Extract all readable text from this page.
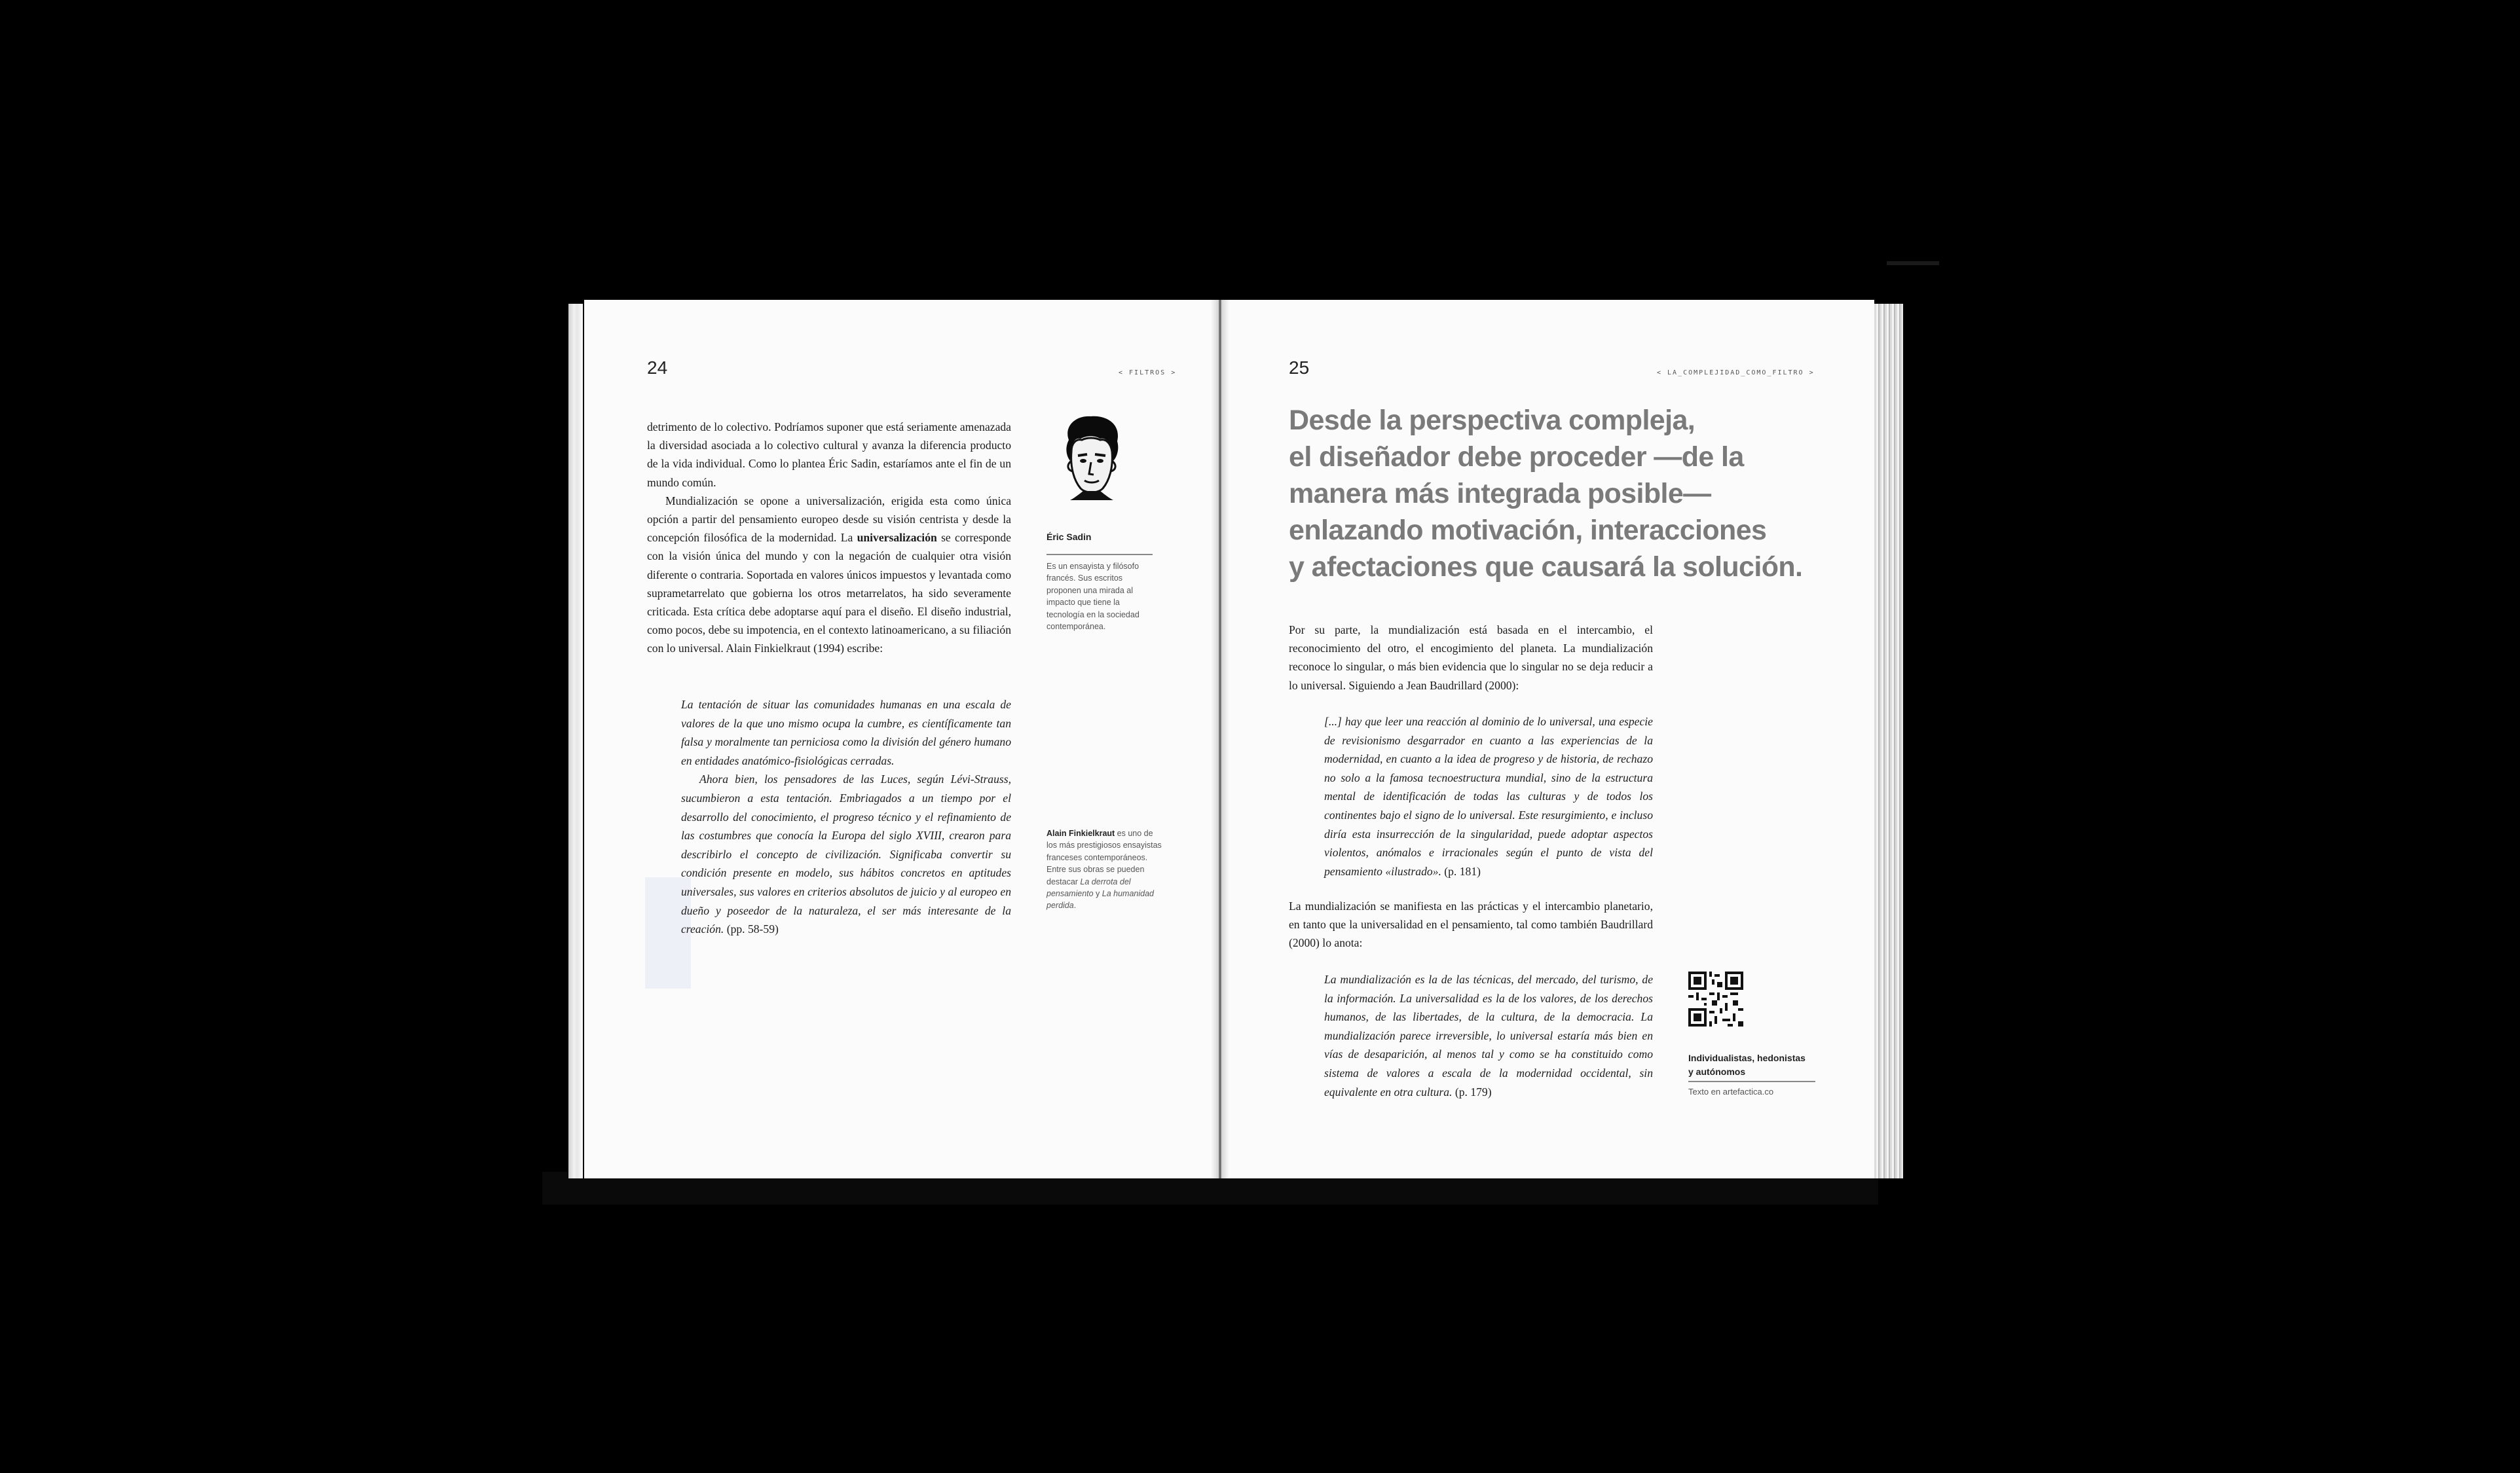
24	< FILTROS >

detrimento de lo colectivo. Podríamos suponer que está seriamente amenazada la diversidad asociada a lo colectivo cultural y avanza la diferencia producto de la vida individual. Como lo plantea Éric Sadin, estaríamos ante el fin de un mundo común.

Mundialización se opone a universalización, erigida esta como única opción a partir del pensamiento europeo desde su visión centrista y desde la concepción filosófica de la modernidad. La universalización se corresponde con la visión única del mundo y con la negación de cualquier otra visión diferente o contraria. Soportada en valores únicos impuestos y levantada como suprametarrelato que gobierna los otros metarrelatos, ha sido severamente criticada. Esta crítica debe adoptarse aquí para el diseño. El diseño industrial, como pocos, debe su impotencia, en el contexto latinoamericano, a su filiación con lo universal. Alain Finkielkraut (1994) escribe:

La tentación de situar las comunidades humanas en una escala de valores de la que uno mismo ocupa la cumbre, es científicamente tan falsa y moralmente tan perniciosa como la división del género humano en entidades anatómico-fisiológicas cerradas.

Ahora bien, los pensadores de las Luces, según Lévi-Strauss, sucumbieron a esta tentación. Embriagados a un tiempo por el desarrollo del conocimiento, el progreso técnico y el refinamiento de las costumbres que conocía la Europa del siglo XVIII, crearon para describirlo el concepto de civilización. Significaba convertir su condición presente en modelo, sus hábitos concretos en aptitudes universales, sus valores en criterios absolutos de juicio y al europeo en dueño y poseedor de la naturaleza, el ser más interesante de la creación. (pp. 58-59)

Éric Sadin
Es un ensayista y filósofo francés. Sus escritos proponen una mirada al impacto que tiene la tecnología en la sociedad contemporánea.
Alain Finkielkraut es uno de los más prestigiosos ensayistas franceses contemporáneos. Entre sus obras se pueden destacar La derrota del pensamiento y La humanidad perdida.
25	< LA_COMPLEJIDAD_COMO_FILTRO >
Desde la perspectiva compleja,
el diseñador debe proceder —de la
manera más integrada posible—
enlazando motivación, interacciones
y afectaciones que causará la solución.
Por su parte, la mundialización está basada en el intercambio, el reconocimiento del otro, el encogimiento del planeta. La mundialización reconoce lo singular, o más bien evidencia que lo singular no se deja reducir a lo universal. Siguiendo a Jean Baudrillard (2000):

[...] hay que leer una reacción al dominio de lo universal, una especie de revisionismo desgarrador en cuanto a las experiencias de la modernidad, en cuanto a la idea de progreso y de historia, de rechazo no solo a la famosa tecnoestructura mundial, sino de la estructura mental de identificación de todas las culturas y de todos los continentes bajo el signo de lo universal. Este resurgimiento, e incluso diría esta insurrección de la singularidad, puede adoptar aspectos violentos, anómalos e irracionales según el punto de vista del pensamiento «ilustrado». (p. 181)

La mundialización se manifiesta en las prácticas y el intercambio planetario, en tanto que la universalidad en el pensamiento, tal como también Baudrillard (2000) lo anota:

La mundialización es la de las técnicas, del mercado, del turismo, de la información. La universalidad es la de los valores, de los derechos humanos, de las libertades, de la cultura, de la democracia. La mundialización parece irreversible, lo universal estaría más bien en vías de desaparición, al menos tal y como se ha constituido como sistema de valores a escala de la modernidad occidental, sin equivalente en otra cultura. (p. 179)

Individualistas, hedonistas
y autónomos
Texto en artefactica.co
